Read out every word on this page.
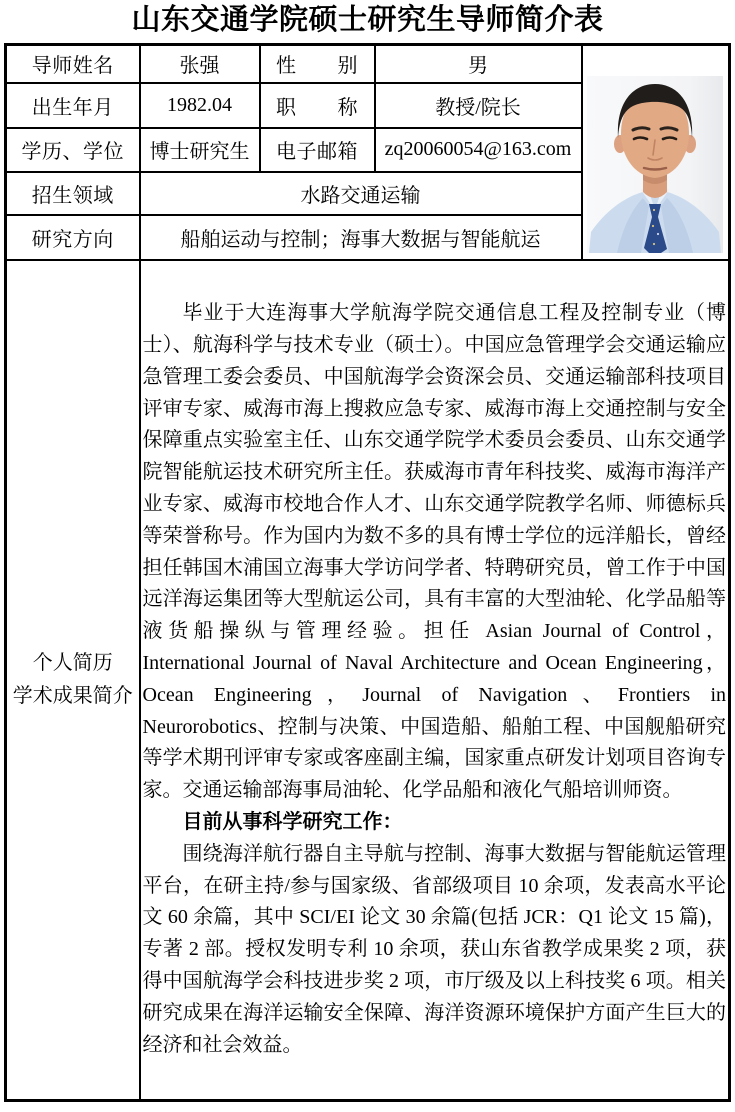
山东交通学院硕士研究生导师简介表
导师姓名	张强	性　　别	男	

出生年月	1982.04	职　　称	教授/院长	
学历、学位	博士研究生	电子邮箱	zq20060054@163.com	
招生领域	水路交通运输			
研究方向	船舶运动与控制；海事大数据与智能航运			

个人简历
学术成果简介

毕业于大连海事大学航海学院交通信息工程及控制专业（博士）、航海科学与技术专业（硕士）。中国应急管理学会交通运输应急管理工委会委员、中国航海学会资深会员、交通运输部科技项目评审专家、威海市海上搜救应急专家、威海市海上交通控制与安全保障重点实验室主任、山东交通学院学术委员会委员、山东交通学院智能航运技术研究所主任。获威海市青年科技奖、威海市海洋产业专家、威海市校地合作人才、山东交通学院教学名师、师德标兵等荣誉称号。作为国内为数不多的具有博士学位的远洋船长，曾经担任韩国木浦国立海事大学访问学者、特聘研究员，曾工作于中国远洋海运集团等大型航运公司，具有丰富的大型油轮、化学品船等液货船操纵与管理经验。担任 Asian Journal of Control，International Journal of Naval Architecture and Ocean Engineering，Ocean Engineering，Journal of Navigation、Frontiers in Neurorobotics、控制与决策、中国造船、船舶工程、中国舰船研究等学术期刊评审专家或客座副主编，国家重点研发计划项目咨询专家。交通运输部海事局油轮、化学品船和液化气船培训师资。

目前从事科学研究工作：

围绕海洋航行器自主导航与控制、海事大数据与智能航运管理平台，在研主持/参与国家级、省部级项目 10 余项，发表高水平论文 60 余篇，其中 SCI/EI 论文 30 余篇(包括 JCR：Q1 论文 15 篇)，专著 2 部。授权发明专利 10 余项，获山东省教学成果奖 2 项，获得中国航海学会科技进步奖 2 项，市厅级及以上科技奖 6 项。相关研究成果在海洋运输安全保障、海洋资源环境保护方面产生巨大的经济和社会效益。
